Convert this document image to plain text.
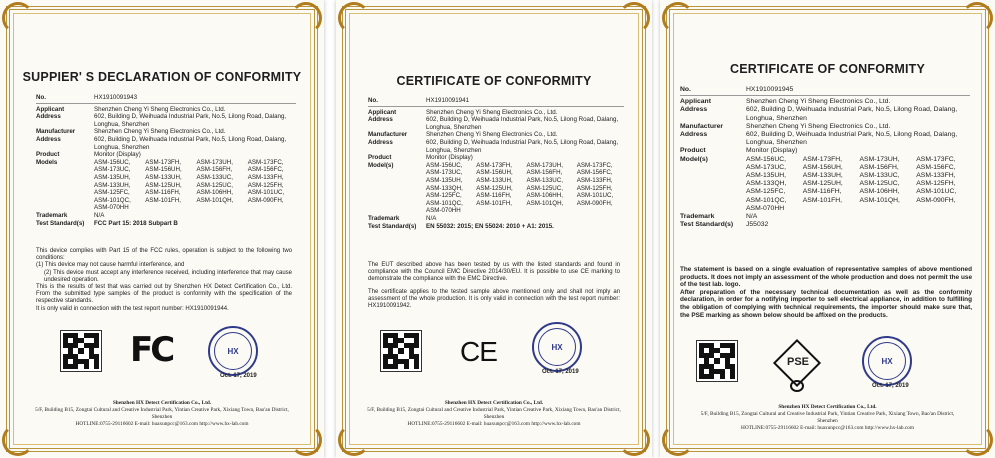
SUPPIER' S DECLARATION OF CONFORMITY
No.	HX1910091943
Applicant	Shenzhen Cheng Yi Sheng Electronics Co., Ltd.
Address	602, Building D, Weihuada Industrial Park, No.5, Lilong Road, Dalang, Longhua, Shenzhen
Manufacturer	Shenzhen Cheng Yi Sheng Electronics Co., Ltd.
Address	602, Building D, Weihuada Industrial Park, No.5, Lilong Road, Dalang, Longhua, Shenzhen
Product	Monitor (Display)
Models	ASM-156UC,	ASM-173FH,	ASM-173UH,	ASM-173FC,
ASM-173UC,	ASM-156UH,	ASM-156FH,	ASM-156FC,
ASM-135UH,	ASM-133UH,	ASM-133UC,	ASM-133FH,
ASM-133UH,	ASM-125UH,	ASM-125UC,	ASM-125FH,
ASM-125FC,	ASM-116FH,	ASM-106HH,	ASM-101UC,
ASM-101QC,	ASM-101FH,	ASM-101QH,	ASM-090FH,
ASM-070HH
Trademark	N/A
Test Standard(s)	FCC Part 15: 2018 Subpart B
This device complies with Part 15 of the FCC rules, operation is subject to the following two conditions:
(1) This device may not cause harmful interference, and
(2) This device must accept any interference received, including interference that may cause undesired operation.
This is the results of test that was carried out by Shenzhen HX Detect Certification Co., Ltd. From the submitted type samples of the product is conformity with the specification of the respective standards.
It is only valid in connection with the test report number: HX1910091944.
FC	HX
Oct. 17, 2019
Shenzhen HX Detect Certification Co., Ltd.
5/F, Building B15, Zongtai Cultural and Creative Industrial Park, Yintian Creative Park, Xixiang Town, Bao'an District, Shenzhen
HOTLINE:0755-29116602 E-mail: huaxunpcc@163.com http://www.hx-lab.com
CERTIFICATE OF CONFORMITY
No.	HX1910091941
Applicant	Shenzhen Cheng Yi Sheng Electronics Co., Ltd.
Address	602, Building D, Weihuada Industrial Park, No.5, Lilong Road, Dalang, Longhua, Shenzhen
Manufacturer	Shenzhen Cheng Yi Sheng Electronics Co., Ltd.
Address	602, Building D, Weihuada Industrial Park, No.5, Lilong Road, Dalang, Longhua, Shenzhen
Product	Monitor (Display)
Model(s)	ASM-156UC,	ASM-173FH,	ASM-173UH,	ASM-173FC,
ASM-173UC,	ASM-156UH,	ASM-156FH,	ASM-156FC,
ASM-135UH,	ASM-133UH,	ASM-133UC,	ASM-133FH,
ASM-133QH,	ASM-125UH,	ASM-125UC,	ASM-125FH,
ASM-125FC,	ASM-116FH,	ASM-106HH,	ASM-101UC,
ASM-101QC,	ASM-101FH,	ASM-101QH,	ASM-090FH,
ASM-070HH
Trademark	N/A
Test Standard(s)	EN 55032: 2015; EN 55024: 2010 + A1: 2015.
The EUT described above has been tested by us with the listed standards and found in compliance with the Council EMC Directive 2014/30/EU. It is possible to use CE marking to demonstrate the compliance with the EMC Directive.
The certificate applies to the tested sample above mentioned only and shall not imply an assessment of the whole production. It is only valid in connection with the test report number: HX1910091942.
CE	HX
Oct. 17, 2019
Shenzhen HX Detect Certification Co., Ltd.
5/F, Building B15, Zongtai Cultural and Creative Industrial Park, Yintian Creative Park, Xixiang Town, Bao'an District, Shenzhen
HOTLINE:0755-29116602 E-mail: huaxunpcc@163.com http://www.hx-lab.com
CERTIFICATE OF CONFORMITY
No.	HX1910091945
Applicant	Shenzhen Cheng Yi Sheng Electronics Co., Ltd.
Address	602, Building D, Weihuada Industrial Park, No.5, Lilong Road, Dalang, Longhua, Shenzhen
Manufacturer	Shenzhen Cheng Yi Sheng Electronics Co., Ltd.
Address	602, Building D, Weihuada Industrial Park, No.5, Lilong Road, Dalang, Longhua, Shenzhen
Product	Monitor (Display)
Model(s)	ASM-156UC,	ASM-173FH,	ASM-173UH,	ASM-173FC,
ASM-173UC,	ASM-156UH,	ASM-156FH,	ASM-156FC,
ASM-135UH,	ASM-133UH,	ASM-133UC,	ASM-133FH,
ASM-133QH,	ASM-125UH,	ASM-125UC,	ASM-125FH,
ASM-125FC,	ASM-116FH,	ASM-106HH,	ASM-101UC,
ASM-101QC,	ASM-101FH,	ASM-101QH,	ASM-090FH,
ASM-070HH
Trademark	N/A
Test Standard(s)	J55032
The statement is based on a single evaluation of representative samples of above mentioned products. It does not imply an assessment of the whole production and does not permit the use of the test lab. logo.
After preparation of the necessary technical documentation as well as the conformity declaration, in order for a notifying importer to sell electrical appliance, in addition to fulfilling the obligation of complying with technical requirements, the importer should make sure that, the PSE marking as shown below should be affixed on the products.
PSE	HX
Oct. 17, 2019
Shenzhen HX Detect Certification Co., Ltd.
5/F, Building B15, Zongtai Cultural and Creative Industrial Park, Yintian Creative Park, Xixiang Town, Bao'an District, Shenzhen
HOTLINE:0755-29116602 E-mail: huaxunpcc@163.com http://www.hx-lab.com
